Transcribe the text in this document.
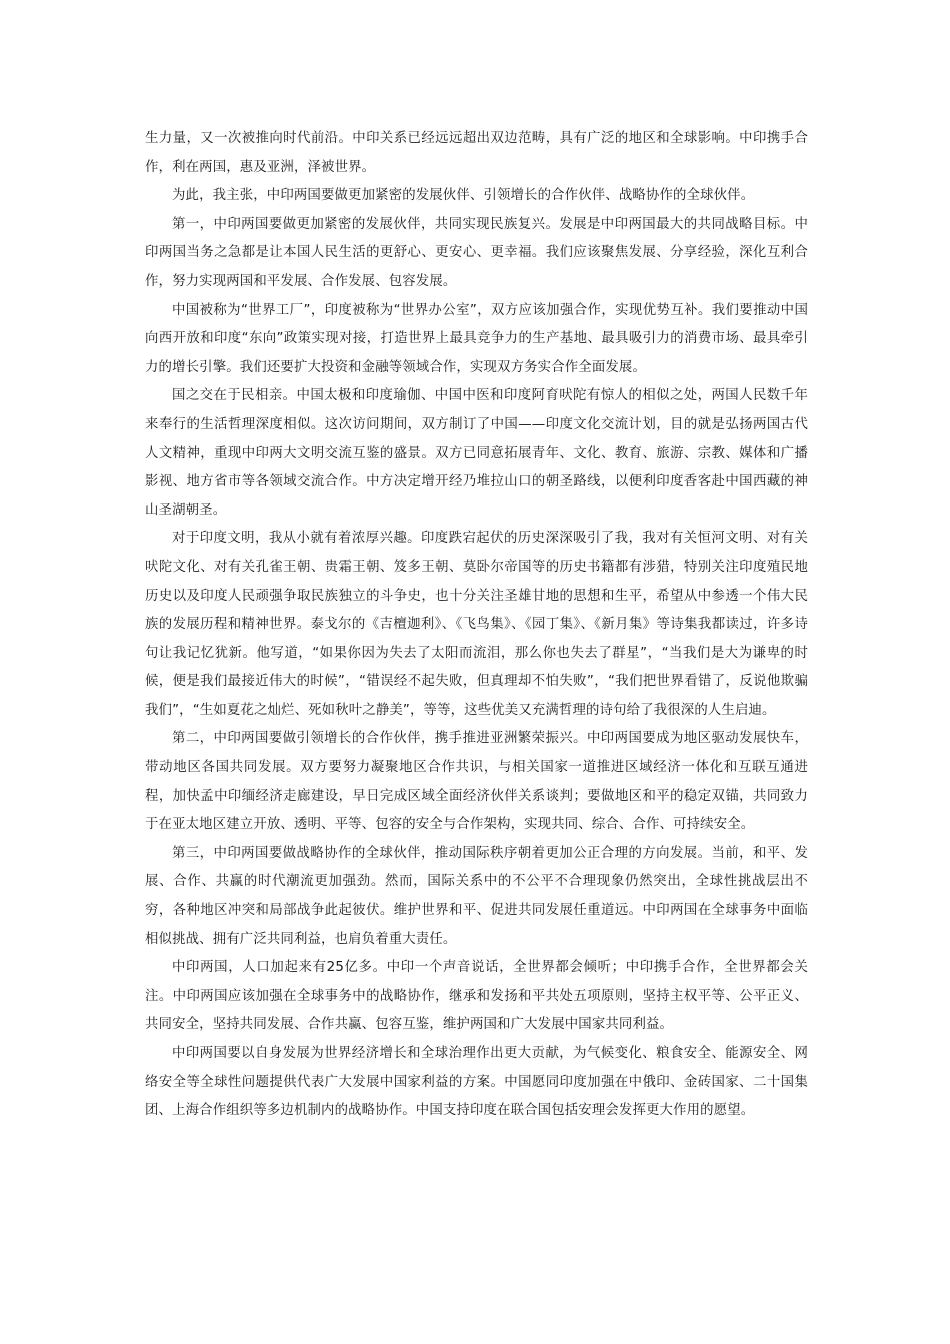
生力量，又一次被推向时代前沿。中印关系已经远远超出双边范畴，具有广泛的地区和全球影响。中印携手合作，利在两国，惠及亚洲，泽被世界。

为此，我主张，中印两国要做更加紧密的发展伙伴、引领增长的合作伙伴、战略协作的全球伙伴。

第一，中印两国要做更加紧密的发展伙伴，共同实现民族复兴。发展是中印两国最大的共同战略目标。中印两国当务之急都是让本国人民生活的更舒心、更安心、更幸福。我们应该聚焦发展、分享经验，深化互利合作，努力实现两国和平发展、合作发展、包容发展。

中国被称为“世界工厂”，印度被称为“世界办公室”，双方应该加强合作，实现优势互补。我们要推动中国向西开放和印度“东向”政策实现对接，打造世界上最具竞争力的生产基地、最具吸引力的消费市场、最具牵引力的增长引擎。我们还要扩大投资和金融等领域合作，实现双方务实合作全面发展。

国之交在于民相亲。中国太极和印度瑜伽、中国中医和印度阿育吠陀有惊人的相似之处，两国人民数千年来奉行的生活哲理深度相似。这次访问期间，双方制订了中国——印度文化交流计划，目的就是弘扬两国古代人文精神，重现中印两大文明交流互鉴的盛景。双方已同意拓展青年、文化、教育、旅游、宗教、媒体和广播影视、地方省市等各领域交流合作。中方决定增开经乃堆拉山口的朝圣路线，以便利印度香客赴中国西藏的神山圣湖朝圣。

对于印度文明，我从小就有着浓厚兴趣。印度跌宕起伏的历史深深吸引了我，我对有关恒河文明、对有关吠陀文化、对有关孔雀王朝、贵霜王朝、笈多王朝、莫卧尔帝国等的历史书籍都有涉猎，特别关注印度殖民地历史以及印度人民顽强争取民族独立的斗争史，也十分关注圣雄甘地的思想和生平，希望从中参透一个伟大民族的发展历程和精神世界。泰戈尔的《吉檀迦利》、《飞鸟集》、《园丁集》、《新月集》等诗集我都读过，许多诗句让我记忆犹新。他写道，“如果你因为失去了太阳而流泪，那么你也失去了群星”，“当我们是大为谦卑的时候，便是我们最接近伟大的时候”，“错误经不起失败，但真理却不怕失败”，“我们把世界看错了，反说他欺骗我们”，“生如夏花之灿烂、死如秋叶之静美”，等等，这些优美又充满哲理的诗句给了我很深的人生启迪。

第二，中印两国要做引领增长的合作伙伴，携手推进亚洲繁荣振兴。中印两国要成为地区驱动发展快车，带动地区各国共同发展。双方要努力凝聚地区合作共识，与相关国家一道推进区域经济一体化和互联互通进程，加快孟中印缅经济走廊建设，早日完成区域全面经济伙伴关系谈判；要做地区和平的稳定双锚，共同致力于在亚太地区建立开放、透明、平等、包容的安全与合作架构，实现共同、综合、合作、可持续安全。

第三，中印两国要做战略协作的全球伙伴，推动国际秩序朝着更加公正合理的方向发展。当前，和平、发展、合作、共赢的时代潮流更加强劲。然而，国际关系中的不公平不合理现象仍然突出，全球性挑战层出不穷，各种地区冲突和局部战争此起彼伏。维护世界和平、促进共同发展任重道远。中印两国在全球事务中面临相似挑战、拥有广泛共同利益，也肩负着重大责任。

中印两国，人口加起来有25亿多。中印一个声音说话，全世界都会倾听；中印携手合作，全世界都会关注。中印两国应该加强在全球事务中的战略协作，继承和发扬和平共处五项原则，坚持主权平等、公平正义、共同安全，坚持共同发展、合作共赢、包容互鉴，维护两国和广大发展中国家共同利益。

中印两国要以自身发展为世界经济增长和全球治理作出更大贡献，为气候变化、粮食安全、能源安全、网络安全等全球性问题提供代表广大发展中国家利益的方案。中国愿同印度加强在中俄印、金砖国家、二十国集团、上海合作组织等多边机制内的战略协作。中国支持印度在联合国包括安理会发挥更大作用的愿望。
